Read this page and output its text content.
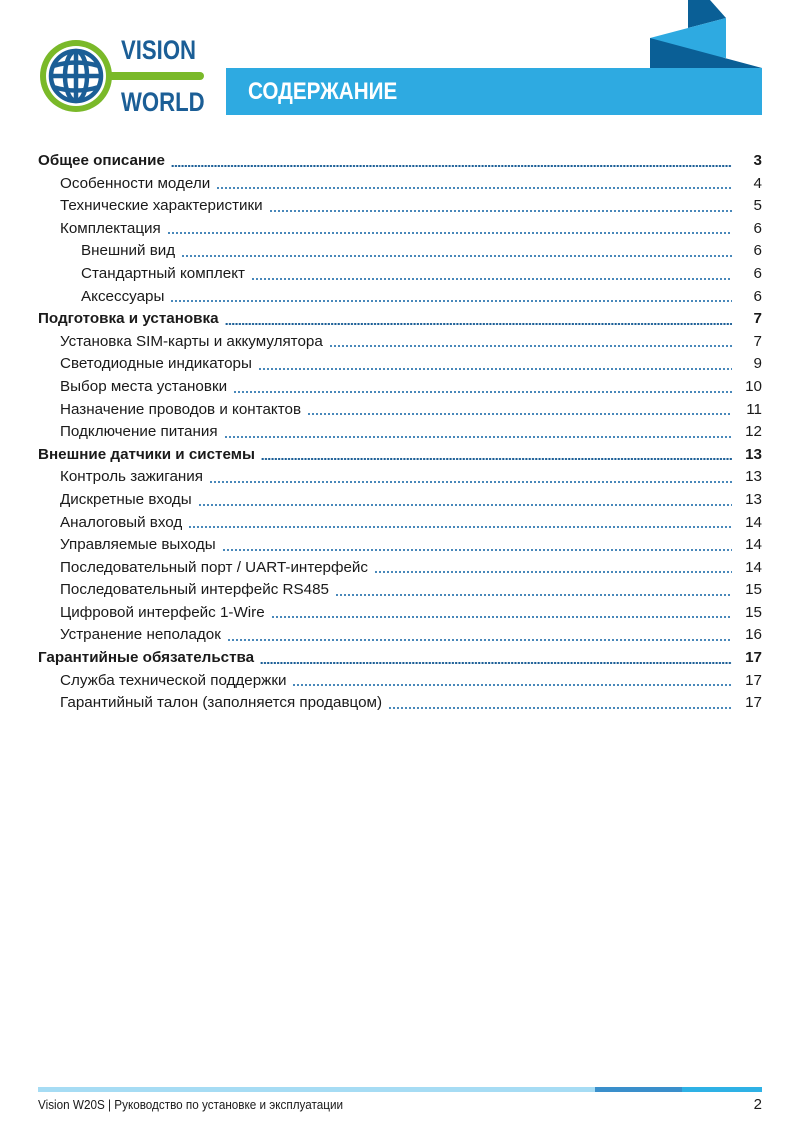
VISION
WORLD СОДЕРЖАНИЕ
Общее описание	3
Особенности модели	4
Технические характеристики	5
Комплектация	6
Внешний вид	6
Стандартный комплект	6
Аксессуары	6
Подготовка и установка	7
Установка SIM-карты и аккумулятора	7
Светодиодные индикаторы	9
Выбор места установки	10
Назначение проводов и контактов	11
Подключение питания	12
Внешние датчики и системы	13
Контроль зажигания	13
Дискретные входы	13
Аналоговый вход	14
Управляемые выходы	14
Последовательный порт / UART-интерфейс	14
Последовательный интерфейс RS485	15
Цифровой интерфейс 1-Wire	15
Устранение неполадок	16
Гарантийные обязательства	17
Служба технической поддержки	17
Гарантийный талон (заполняется продавцом)	17
Vision W20S | Руководство по установке и эксплуатации	2
